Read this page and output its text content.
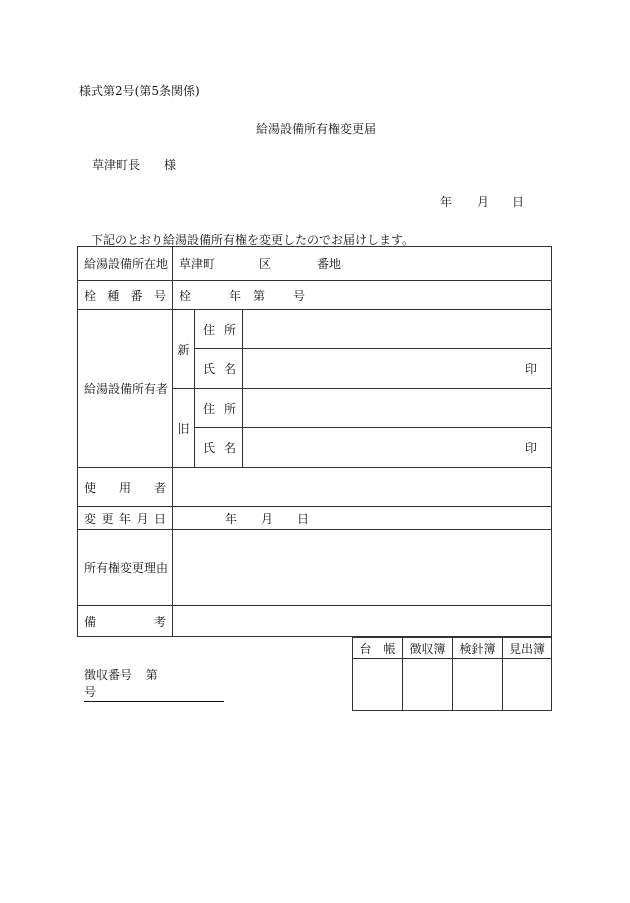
様式第2号(第5条関係)
給湯設備所有権変更届
草津町長　　様
年 月 日
下記のとおり給湯設備所有権を変更したのでお届けします。
給湯設備所在地	草津町 区 番地		

栓 種 番 号	栓 年 第 号		
給湯設備所有者	新	住 所	

		氏 名	印
	旧	住 所	

		氏 名	印

使 用 者			

変 更 年 月 日	年 月 日		
所有権変更理由			

備 考			

徴収番号 第  号
台　帳	徴収簿	検針簿	見出簿
